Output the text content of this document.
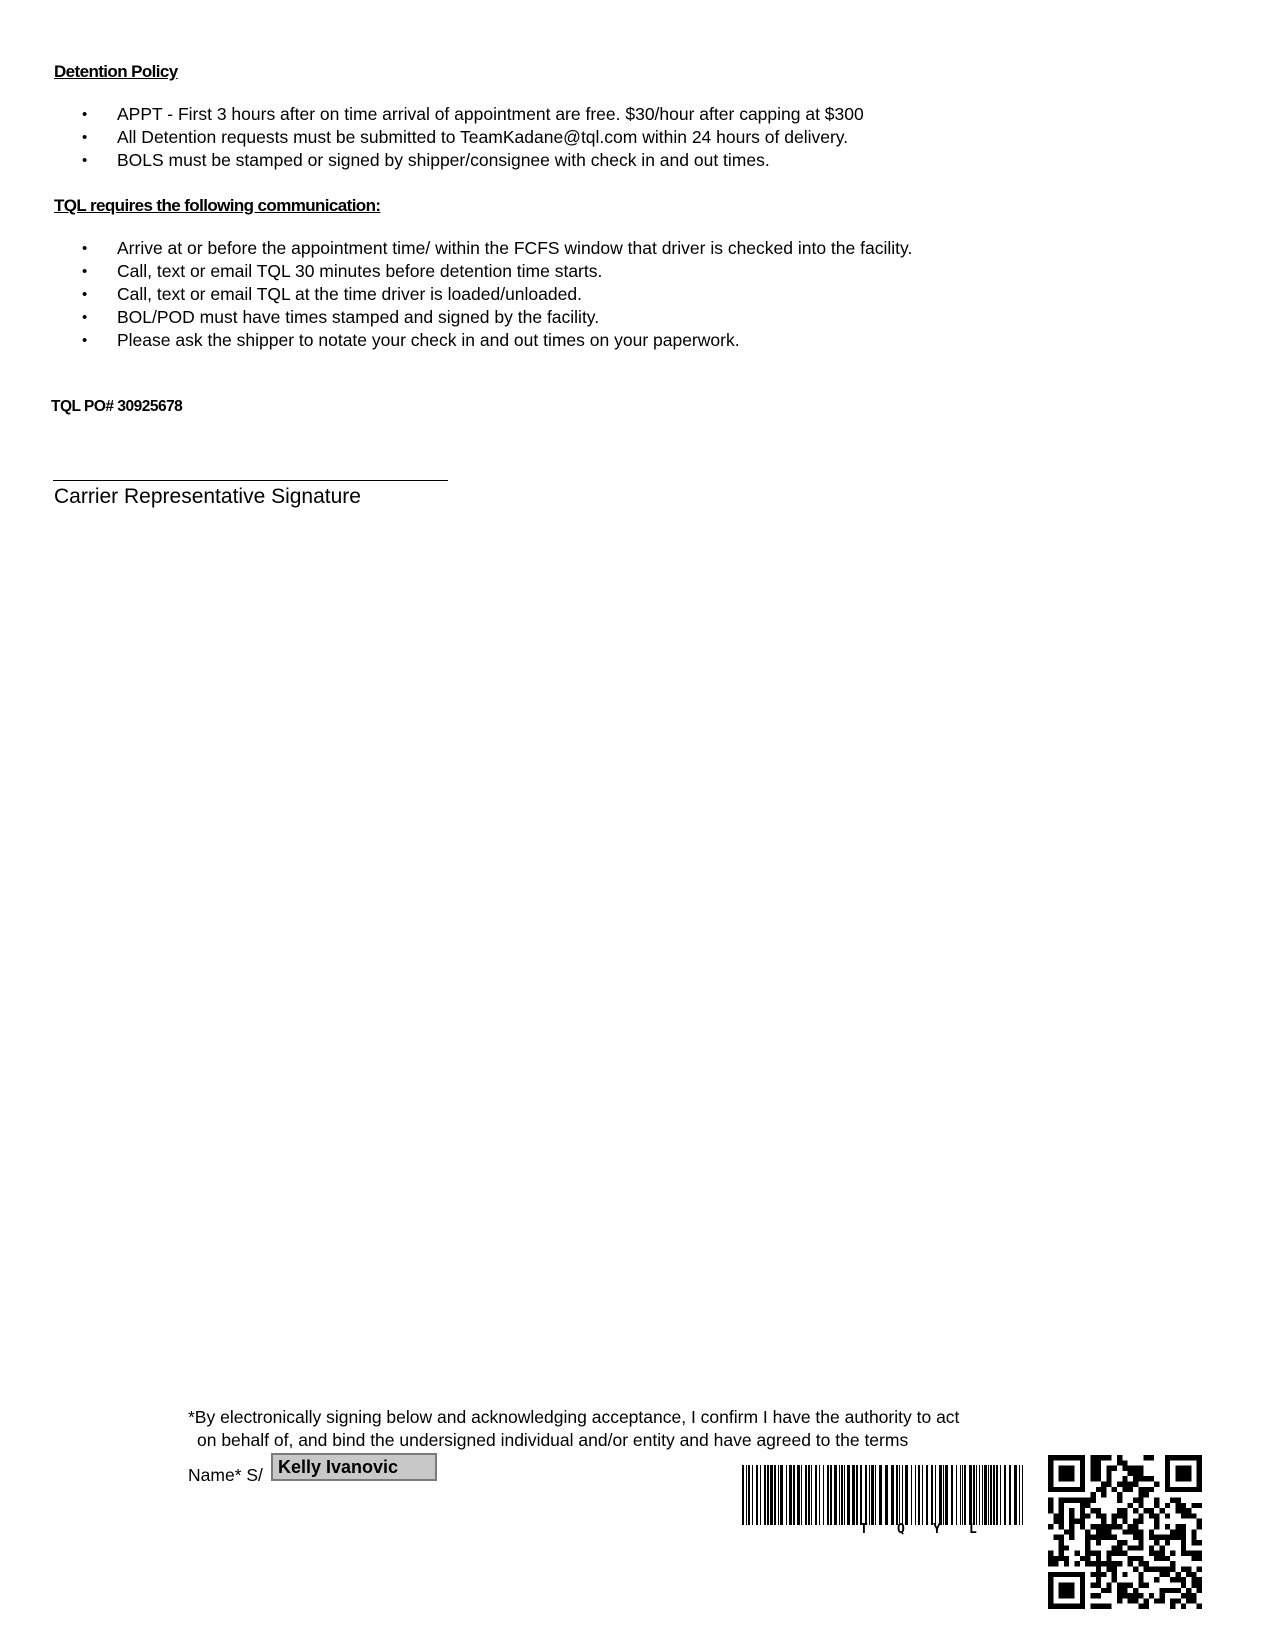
Detention Policy
• APPT - First 3 hours after on time arrival of appointment are free. $30/hour after capping at $300
• All Detention requests must be submitted to TeamKadane@tql.com within 24 hours of delivery.
• BOLS must be stamped or signed by shipper/consignee with check in and out times.
TQL requires the following communication:
• Arrive at or before the appointment time/ within the FCFS window that driver is checked into the facility.
• Call, text or email TQL 30 minutes before detention time starts.
• Call, text or email TQL at the time driver is loaded/unloaded.
• BOL/POD must have times stamped and signed by the facility.
• Please ask the shipper to notate your check in and out times on your paperwork.
TQL PO# 30925678
Carrier Representative Signature
*By electronically signing below and acknowledging acceptance, I confirm I have the authority to act
on behalf of, and bind the undersigned individual and/or entity and have agreed to the terms
Name* S/ Kelly Ivanovic
T Q Y L
